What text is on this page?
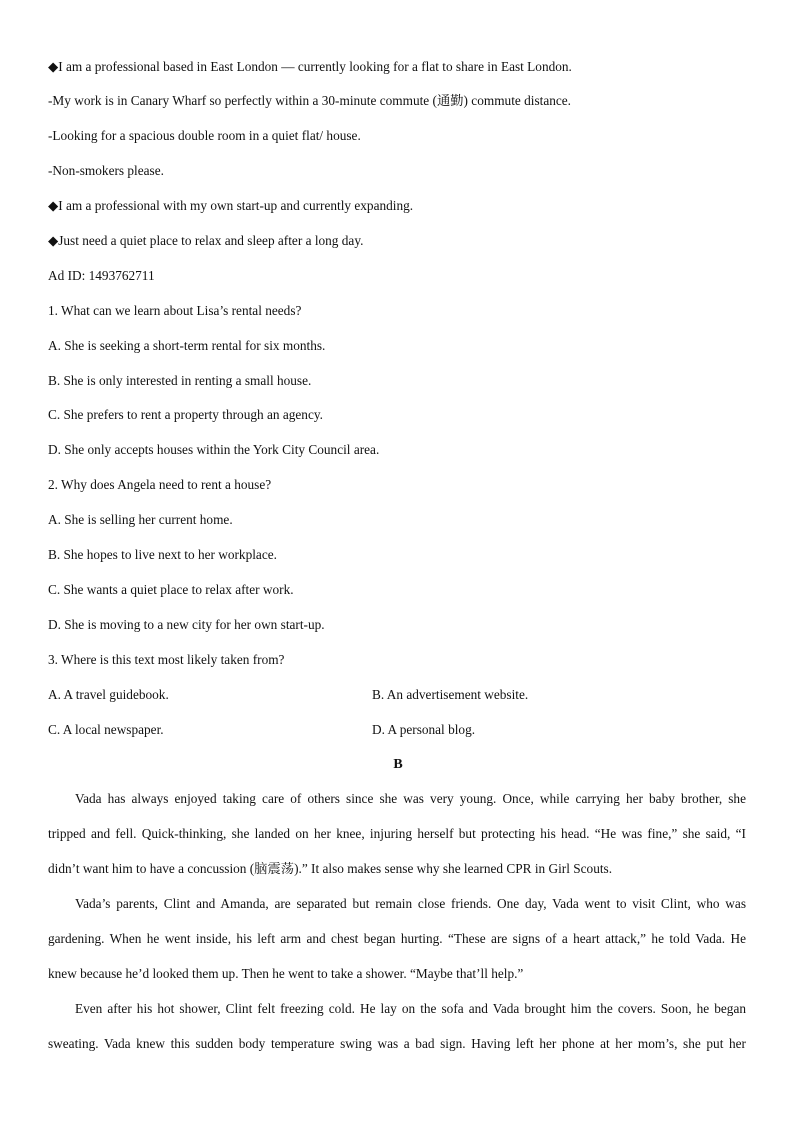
◆I am a professional based in East London — currently looking for a flat to share in East London.
-My work is in Canary Wharf so perfectly within a 30-minute commute (通勤) commute distance.
-Looking for a spacious double room in a quiet flat/ house.
-Non-smokers please.
◆I am a professional with my own start-up and currently expanding.
◆Just need a quiet place to relax and sleep after a long day.
Ad ID: 1493762711
1. What can we learn about Lisa’s rental needs?
A. She is seeking a short-term rental for six months.
B. She is only interested in renting a small house.
C. She prefers to rent a property through an agency.
D. She only accepts houses within the York City Council area.
2. Why does Angela need to rent a house?
A. She is selling her current home.
B. She hopes to live next to her workplace.
C. She wants a quiet place to relax after work.
D. She is moving to a new city for her own start-up.
3. Where is this text most likely taken from?
A. A travel guidebook.	B. An advertisement website.
C. A local newspaper.	D. A personal blog.
B
Vada has always enjoyed taking care of others since she was very young. Once, while carrying her baby brother, she
tripped and fell. Quick-thinking, she landed on her knee, injuring herself but protecting his head. “He was fine,” she said, “I
didn’t want him to have a concussion (脑震荡).” It also makes sense why she learned CPR in Girl Scouts.
Vada’s parents, Clint and Amanda, are separated but remain close friends. One day, Vada went to visit Clint, who was
gardening. When he went inside, his left arm and chest began hurting. “These are signs of a heart attack,” he told Vada. He
knew because he’d looked them up. Then he went to take a shower. “Maybe that’ll help.”
Even after his hot shower, Clint felt freezing cold. He lay on the sofa and Vada brought him the covers. Soon, he began
sweating. Vada knew this sudden body temperature swing was a bad sign. Having left her phone at her mom’s, she put her
